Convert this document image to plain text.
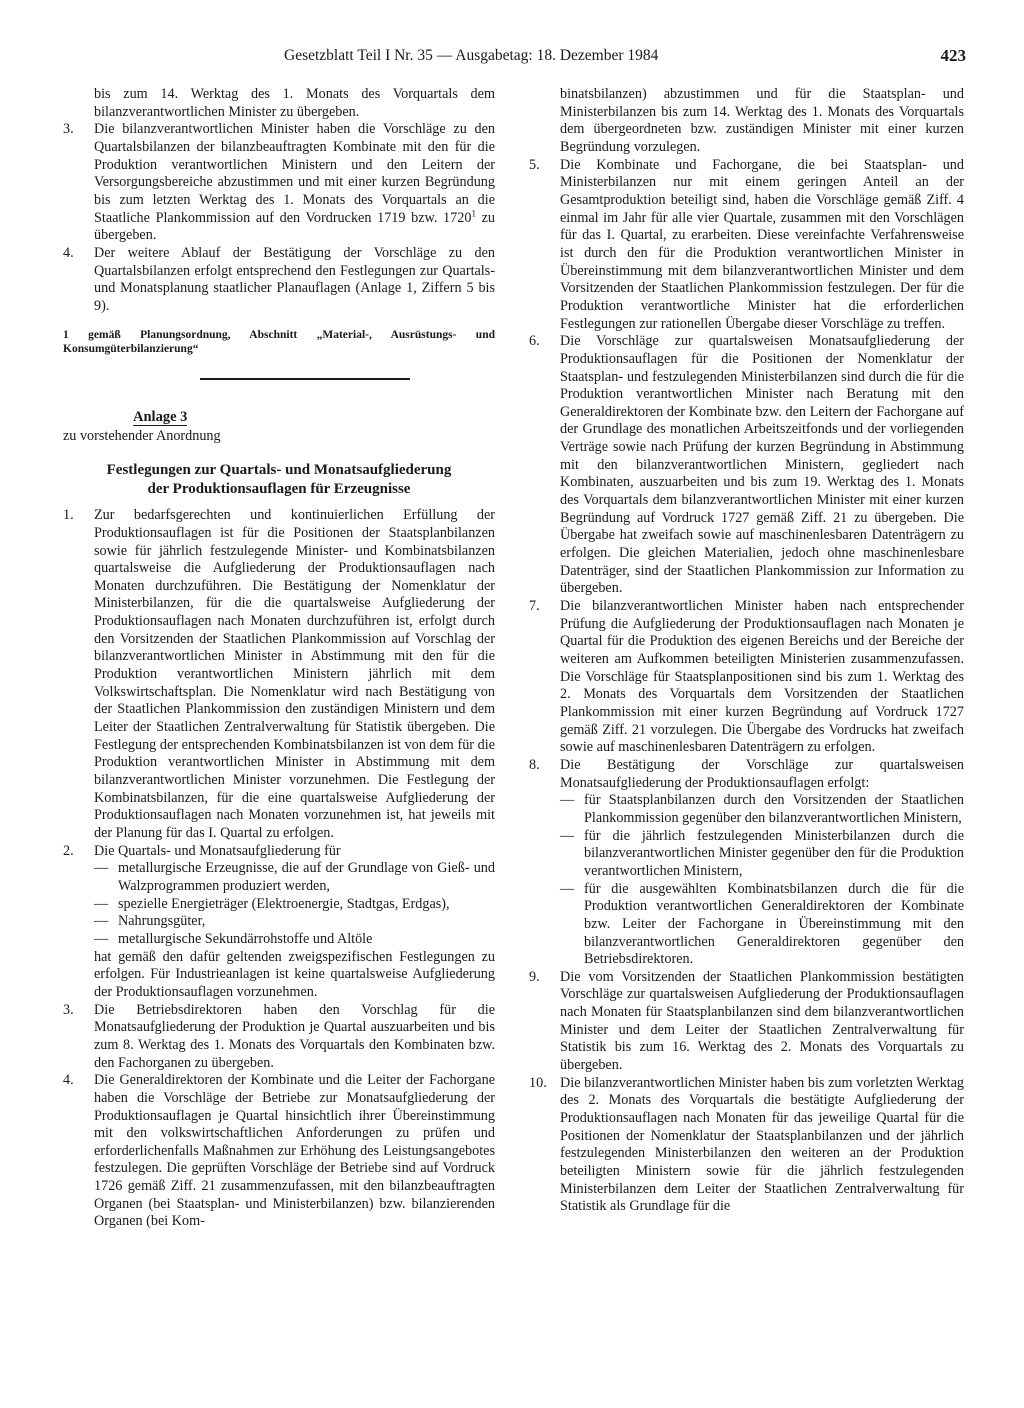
Gesetzblatt Teil I Nr. 35 — Ausgabetag: 18. Dezember 1984	423

bis zum 14. Werktag des 1. Monats des Vorquartals dem bilanzverantwortlichen Minister zu übergeben.

3. Die bilanzverantwortlichen Minister haben die Vorschläge zu den Quartalsbilanzen der bilanzbeauftragten Kombinate mit den für die Produktion verantwortlichen Ministern und den Leitern der Versorgungsbereiche abzustimmen und mit einer kurzen Begründung bis zum letzten Werktag des 1. Monats des Vorquartals an die Staatliche Plankommission auf den Vordrucken 1719 bzw. 1720$^1$ zu übergeben.
4. Der weitere Ablauf der Bestätigung der Vorschläge zu den Quartalsbilanzen erfolgt entsprechend den Festlegungen zur Quartals- und Monatsplanung staatlicher Planauflagen (Anlage 1, Ziffern 5 bis 9).
1 gemäß Planungsordnung, Abschnitt „Material-, Ausrüstungs- und Konsumgüterbilanzierung“
Anlage 3
zu vorstehender Anordnung
Festlegungen zur Quartals- und Monatsaufgliederung
der Produktionsauflagen für Erzeugnisse
1. Zur bedarfsgerechten und kontinuierlichen Erfüllung der Produktionsauflagen ist für die Positionen der Staatsplanbilanzen sowie für jährlich festzulegende Minister- und Kombinatsbilanzen quartalsweise die Aufgliederung der Produktionsauflagen nach Monaten durchzuführen. Die Bestätigung der Nomenklatur der Ministerbilanzen, für die die quartalsweise Aufgliederung der Produktionsauflagen nach Monaten durchzuführen ist, erfolgt durch den Vorsitzenden der Staatlichen Plankommission auf Vorschlag der bilanzverantwortlichen Minister in Abstimmung mit den für die Produktion verantwortlichen Ministern jährlich mit dem Volkswirtschaftsplan. Die Nomenklatur wird nach Bestätigung von der Staatlichen Plankommission den zuständigen Ministern und dem Leiter der Staatlichen Zentralverwaltung für Statistik übergeben. Die Festlegung der entsprechenden Kombinatsbilanzen ist von dem für die Produktion verantwortlichen Minister in Abstimmung mit dem bilanzverantwortlichen Minister vorzunehmen. Die Festlegung der Kombinatsbilanzen, für die eine quartalsweise Aufgliederung der Produktionsauflagen nach Monaten vorzunehmen ist, hat jeweils mit der Planung für das I. Quartal zu erfolgen.
2. Die Quartals- und Monatsaufgliederung für
— metallurgische Erzeugnisse, die auf der Grundlage von Gieß- und Walzprogrammen produziert werden,
— spezielle Energieträger (Elektroenergie, Stadtgas, Erdgas),
— Nahrungsgüter,
— metallurgische Sekundärrohstoffe und Altöle
hat gemäß den dafür geltenden zweigspezifischen Festlegungen zu erfolgen. Für Industrieanlagen ist keine quartalsweise Aufgliederung der Produktionsauflagen vorzunehmen.
3. Die Betriebsdirektoren haben den Vorschlag für die Monatsaufgliederung der Produktion je Quartal auszuarbeiten und bis zum 8. Werktag des 1. Monats des Vorquartals den Kombinaten bzw. den Fachorganen zu übergeben.
4. Die Generaldirektoren der Kombinate und die Leiter der Fachorgane haben die Vorschläge der Betriebe zur Monatsaufgliederung der Produktionsauflagen je Quartal hinsichtlich ihrer Übereinstimmung mit den volkswirtschaftlichen Anforderungen zu prüfen und erforderlichenfalls Maßnahmen zur Erhöhung des Leistungsangebotes festzulegen. Die geprüften Vorschläge der Betriebe sind auf Vordruck 1726 gemäß Ziff. 21 zusammenzufassen, mit den bilanzbeauftragten Organen (bei Staatsplan- und Ministerbilanzen) bzw. bilanzierenden Organen (bei Kom-

binatsbilanzen) abzustimmen und für die Staatsplan- und Ministerbilanzen bis zum 14. Werktag des 1. Monats des Vorquartals dem übergeordneten bzw. zuständigen Minister mit einer kurzen Begründung vorzulegen.

5. Die Kombinate und Fachorgane, die bei Staatsplan- und Ministerbilanzen nur mit einem geringen Anteil an der Gesamtproduktion beteiligt sind, haben die Vorschläge gemäß Ziff. 4 einmal im Jahr für alle vier Quartale, zusammen mit den Vorschlägen für das I. Quartal, zu erarbeiten. Diese vereinfachte Verfahrensweise ist durch den für die Produktion verantwortlichen Minister in Übereinstimmung mit dem bilanzverantwortlichen Minister und dem Vorsitzenden der Staatlichen Plankommission festzulegen. Der für die Produktion verantwortliche Minister hat die erforderlichen Festlegungen zur rationellen Übergabe dieser Vorschläge zu treffen.
6. Die Vorschläge zur quartalsweisen Monatsaufgliederung der Produktionsauflagen für die Positionen der Nomenklatur der Staatsplan- und festzulegenden Ministerbilanzen sind durch die für die Produktion verantwortlichen Minister nach Beratung mit den Generaldirektoren der Kombinate bzw. den Leitern der Fachorgane auf der Grundlage des monatlichen Arbeitszeitfonds und der vorliegenden Verträge sowie nach Prüfung der kurzen Begründung in Abstimmung mit den bilanzverantwortlichen Ministern, gegliedert nach Kombinaten, auszuarbeiten und bis zum 19. Werktag des 1. Monats des Vorquartals dem bilanzverantwortlichen Minister mit einer kurzen Begründung auf Vordruck 1727 gemäß Ziff. 21 zu übergeben. Die Übergabe hat zweifach sowie auf maschinenlesbaren Datenträgern zu erfolgen. Die gleichen Materialien, jedoch ohne maschinenlesbare Datenträger, sind der Staatlichen Plankommission zur Information zu übergeben.
7. Die bilanzverantwortlichen Minister haben nach entsprechender Prüfung die Aufgliederung der Produktionsauflagen nach Monaten je Quartal für die Produktion des eigenen Bereichs und der Bereiche der weiteren am Aufkommen beteiligten Ministerien zusammenzufassen. Die Vorschläge für Staatsplanpositionen sind bis zum 1. Werktag des 2. Monats des Vorquartals dem Vorsitzenden der Staatlichen Plankommission mit einer kurzen Begründung auf Vordruck 1727 gemäß Ziff. 21 vorzulegen. Die Übergabe des Vordrucks hat zweifach sowie auf maschinenlesbaren Datenträgern zu erfolgen.
8. Die Bestätigung der Vorschläge zur quartalsweisen Monatsaufgliederung der Produktionsauflagen erfolgt:
— für Staatsplanbilanzen durch den Vorsitzenden der Staatlichen Plankommission gegenüber den bilanzverantwortlichen Ministern,
— für die jährlich festzulegenden Ministerbilanzen durch die bilanzverantwortlichen Minister gegenüber den für die Produktion verantwortlichen Ministern,
— für die ausgewählten Kombinatsbilanzen durch die für die Produktion verantwortlichen Generaldirektoren der Kombinate bzw. Leiter der Fachorgane in Übereinstimmung mit den bilanzverantwortlichen Generaldirektoren gegenüber den Betriebsdirektoren.
9. Die vom Vorsitzenden der Staatlichen Plankommission bestätigten Vorschläge zur quartalsweisen Aufgliederung der Produktionsauflagen nach Monaten für Staatsplanbilanzen sind dem bilanzverantwortlichen Minister und dem Leiter der Staatlichen Zentralverwaltung für Statistik bis zum 16. Werktag des 2. Monats des Vorquartals zu übergeben.
10. Die bilanzverantwortlichen Minister haben bis zum vorletzten Werktag des 2. Monats des Vorquartals die bestätigte Aufgliederung der Produktionsauflagen nach Monaten für das jeweilige Quartal für die Positionen der Nomenklatur der Staatsplanbilanzen und der jährlich festzulegenden Ministerbilanzen den weiteren an der Produktion beteiligten Ministern sowie für die jährlich festzulegenden Ministerbilanzen dem Leiter der Staatlichen Zentralverwaltung für Statistik als Grundlage für die
